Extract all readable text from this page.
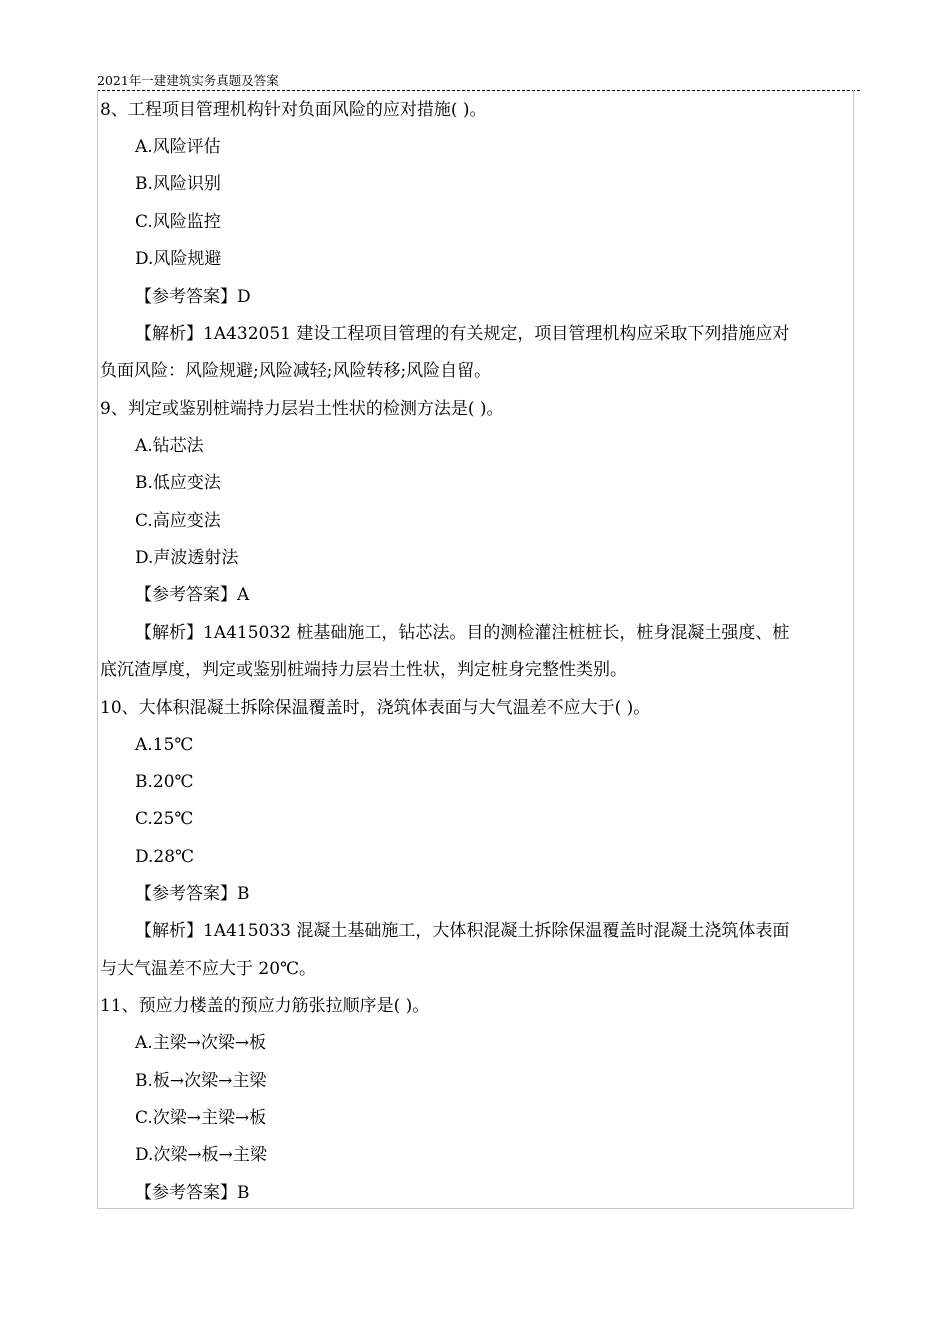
2021年一建建筑实务真题及答案

8、工程项目管理机构针对负面风险的应对措施( )。

A.风险评估

B.风险识别

C.风险监控

D.风险规避

【参考答案】D

【解析】1A432051 建设工程项目管理的有关规定，项目管理机构应采取下列措施应对
负面风险：风险规避;风险减轻;风险转移;风险自留。

9、判定或鉴别桩端持力层岩土性状的检测方法是( )。

A.钻芯法

B.低应变法

C.高应变法

D.声波透射法

【参考答案】A

【解析】1A415032 桩基础施工，钻芯法。目的测检灌注桩桩长，桩身混凝土强度、桩
底沉渣厚度，判定或鉴别桩端持力层岩土性状，判定桩身完整性类别。

10、大体积混凝土拆除保温覆盖时，浇筑体表面与大气温差不应大于( )。

A.15℃

B.20℃

C.25℃

D.28℃

【参考答案】B

【解析】1A415033 混凝土基础施工，大体积混凝土拆除保温覆盖时混凝土浇筑体表面
与大气温差不应大于 20℃。

11、预应力楼盖的预应力筋张拉顺序是( )。

A.主梁→次梁→板

B.板→次梁→主梁

C.次梁→主梁→板

D.次梁→板→主梁

【参考答案】B
